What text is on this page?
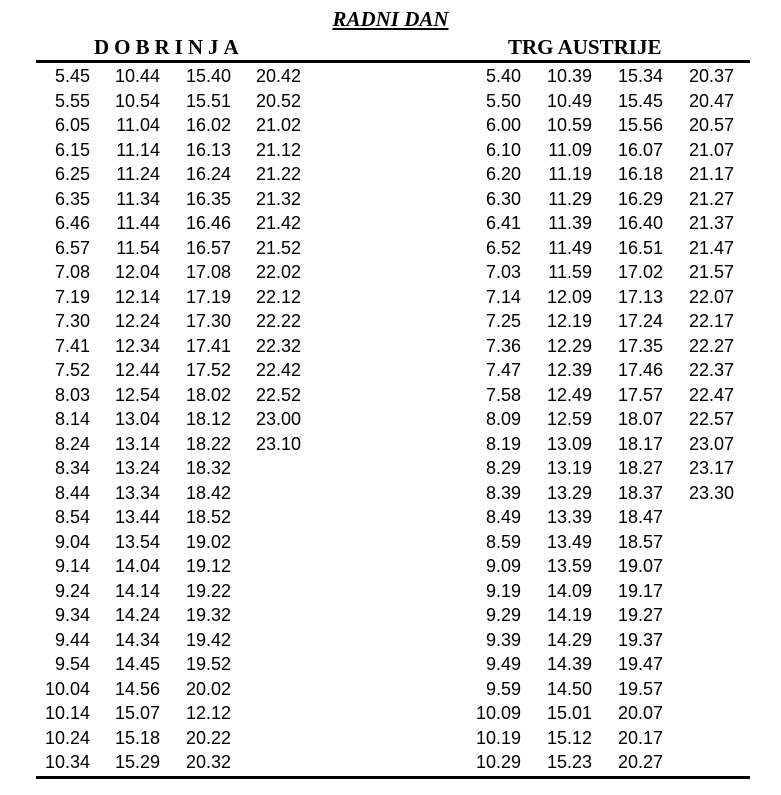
RADNI DAN
DOBRINJA	TRG AUSTRIJE
5.45
5.55
6.05
6.15
6.25
6.35
6.46
6.57
7.08
7.19
7.30
7.41
7.52
8.03
8.14
8.24
8.34
8.44
8.54
9.04
9.14
9.24
9.34
9.44
9.54
10.04
10.14
10.24
10.34
10.44
10.54
11.04
11.14
11.24
11.34
11.44
11.54
12.04
12.14
12.24
12.34
12.44
12.54
13.04
13.14
13.24
13.34
13.44
13.54
14.04
14.14
14.24
14.34
14.45
14.56
15.07
15.18
15.29
15.40
15.51
16.02
16.13
16.24
16.35
16.46
16.57
17.08
17.19
17.30
17.41
17.52
18.02
18.12
18.22
18.32
18.42
18.52
19.02
19.12
19.22
19.32
19.42
19.52
20.02
12.12
20.22
20.32
20.42
20.52
21.02
21.12
21.22
21.32
21.42
21.52
22.02
22.12
22.22
22.32
22.42
22.52
23.00
23.10
5.40
5.50
6.00
6.10
6.20
6.30
6.41
6.52
7.03
7.14
7.25
7.36
7.47
7.58
8.09
8.19
8.29
8.39
8.49
8.59
9.09
9.19
9.29
9.39
9.49
9.59
10.09
10.19
10.29
10.39
10.49
10.59
11.09
11.19
11.29
11.39
11.49
11.59
12.09
12.19
12.29
12.39
12.49
12.59
13.09
13.19
13.29
13.39
13.49
13.59
14.09
14.19
14.29
14.39
14.50
15.01
15.12
15.23
15.34
15.45
15.56
16.07
16.18
16.29
16.40
16.51
17.02
17.13
17.24
17.35
17.46
17.57
18.07
18.17
18.27
18.37
18.47
18.57
19.07
19.17
19.27
19.37
19.47
19.57
20.07
20.17
20.27
20.37
20.47
20.57
21.07
21.17
21.27
21.37
21.47
21.57
22.07
22.17
22.27
22.37
22.47
22.57
23.07
23.17
23.30
